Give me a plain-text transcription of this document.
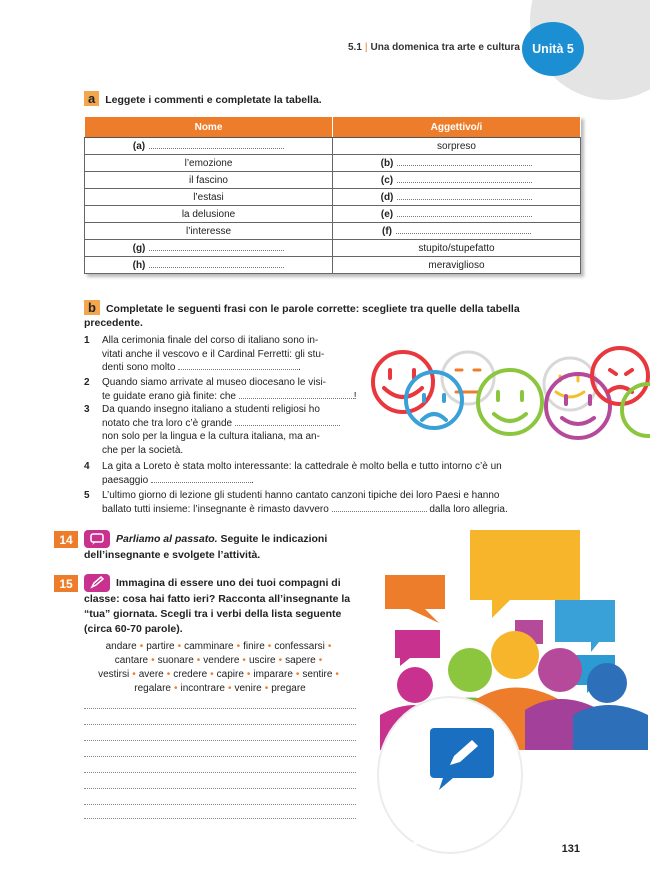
5.1 | Una domenica tra arte e cultura Unità 5
a Leggete i commenti e completate la tabella.
Nome	Aggettivo/i
(a)	sorpreso
l’emozione	(b)
il fascino	(c)
l’estasi	(d)
la delusione	(e)
l’interesse	(f)
(g)	stupito/stupefatto
(h)	meraviglioso
b Completate le seguenti frasi con le parole corrette: scegliete tra quelle della tabella
precedente.
1 Alla cerimonia finale del corso di italiano sono in-
vitati anche il vescovo e il Cardinal Ferretti: gli stu-
denti sono molto	.
2 Quando siamo arrivate al museo diocesano le visi-
te guidate erano già finite: che	!
3 Da quando insegno italiano a studenti religiosi ho
notato che tra loro c’è grande
non solo per la lingua e la cultura italiana, ma an-
che per la società.
4 La gita a Loreto è stata molto interessante: la cattedrale è molto bella e tutto intorno c’è un
paesaggio	.
5 L’ultimo giorno di lezione gli studenti hanno cantato canzoni tipiche dei loro Paesi e hanno
ballato tutti insieme: l’insegnante è rimasto davvero	dalla loro allegria.
14	Parliamo al passato. Seguite le indicazioni
dell’insegnante e svolgete l’attività.
15	Immagina di essere uno dei tuoi compagni di
classe: cosa hai fatto ieri? Racconta all’insegnante la
“tua” giornata. Scegli tra i verbi della lista seguente
(circa 60-70 parole).
andare • partire • camminare • finire • confessarsi •
cantare • suonare • vendere • uscire • sapere •
vestirsi • avere • credere • capire • imparare • sentire •
regalare • incontrare • venire • pregare
131
